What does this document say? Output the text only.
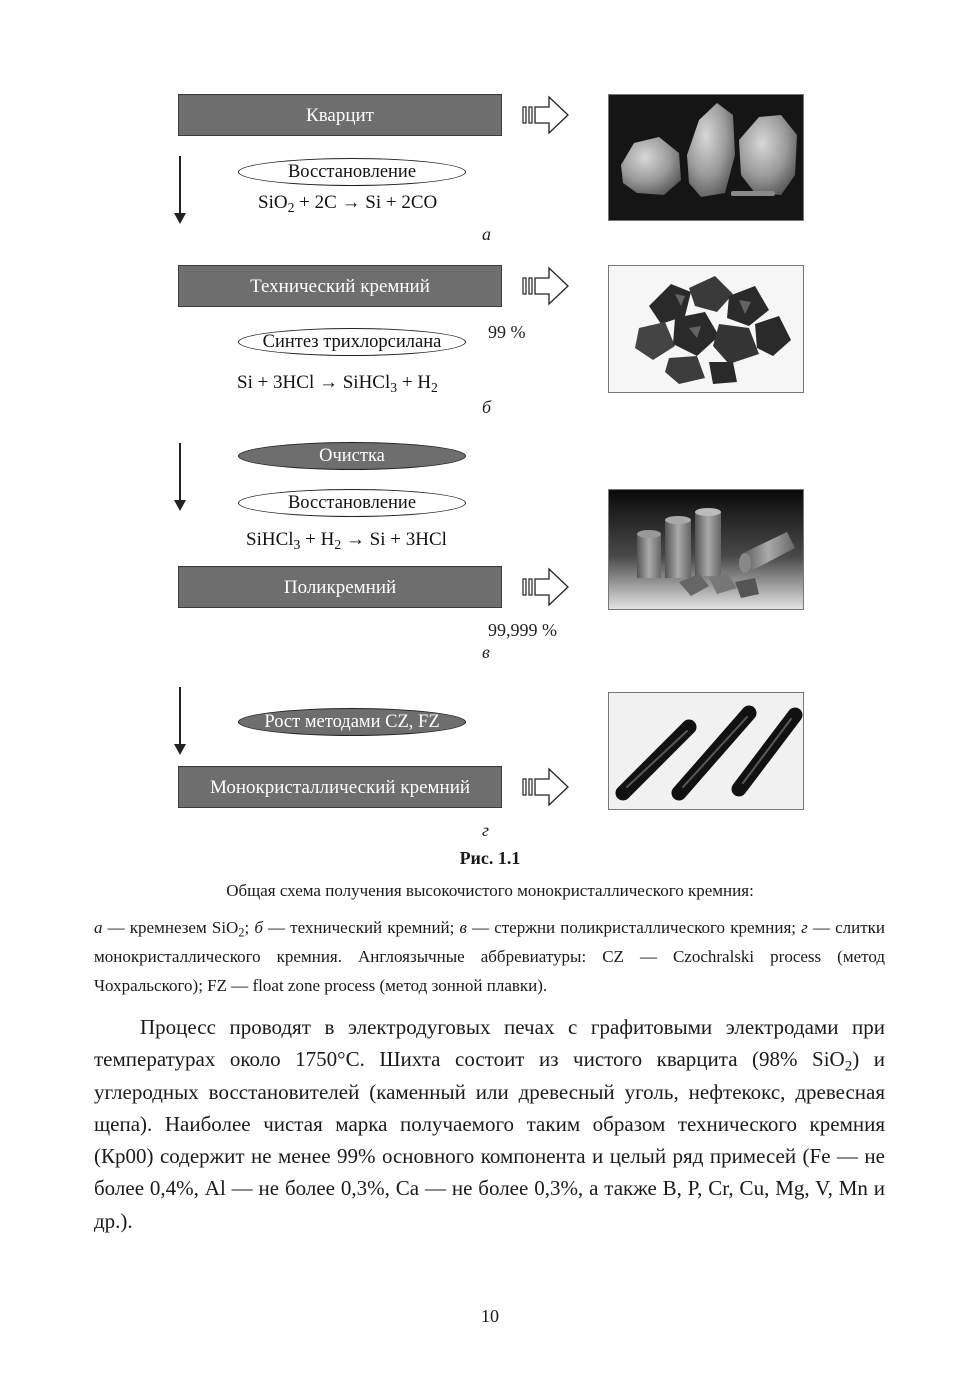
Кварцит
Восстановление
SiO$_2$ + 2C → Si + 2CO
а
Технический кремний
Синтез трихлорсилана	99 %
Si + 3HCl → SiHCl$_3$ + $H_2$
б
Очистка
Восстановление
SiHCl$_3$ + $H_2 \to Si + 3HCl$
Поликремний
99,999 %
в
Рост методами CZ, FZ
Монокристаллический кремний
г
Рис. 1.1
Общая схема получения высокочистого монокристаллического кремния:
а — кремнезем SiO$_2$; б — технический кремний; в — стержни поликристаллического кремния; г — слитки монокристаллического кремния. Англоязычные аббревиатуры: CZ — Czochralski process (метод Чохральского); FZ — float zone process (метод зонной плавки).

Процесс проводят в электродуговых печах с графитовыми электродами при температурах около 1750°С. Шихта состоит из чистого кварцита (98% SiO$_2$) и углеродных восстановителей (каменный или древесный уголь, нефтекокс, древесная щепа). Наиболее чистая марка получаемого таким образом технического кремния (Кр00) содержит не менее 99% основного компонента и целый ряд примесей (Fe — не более 0,4%, Al — не более 0,3%, Ca — не более 0,3%, а также B, P, Cr, Cu, Mg, V, Mn и др.).

10
